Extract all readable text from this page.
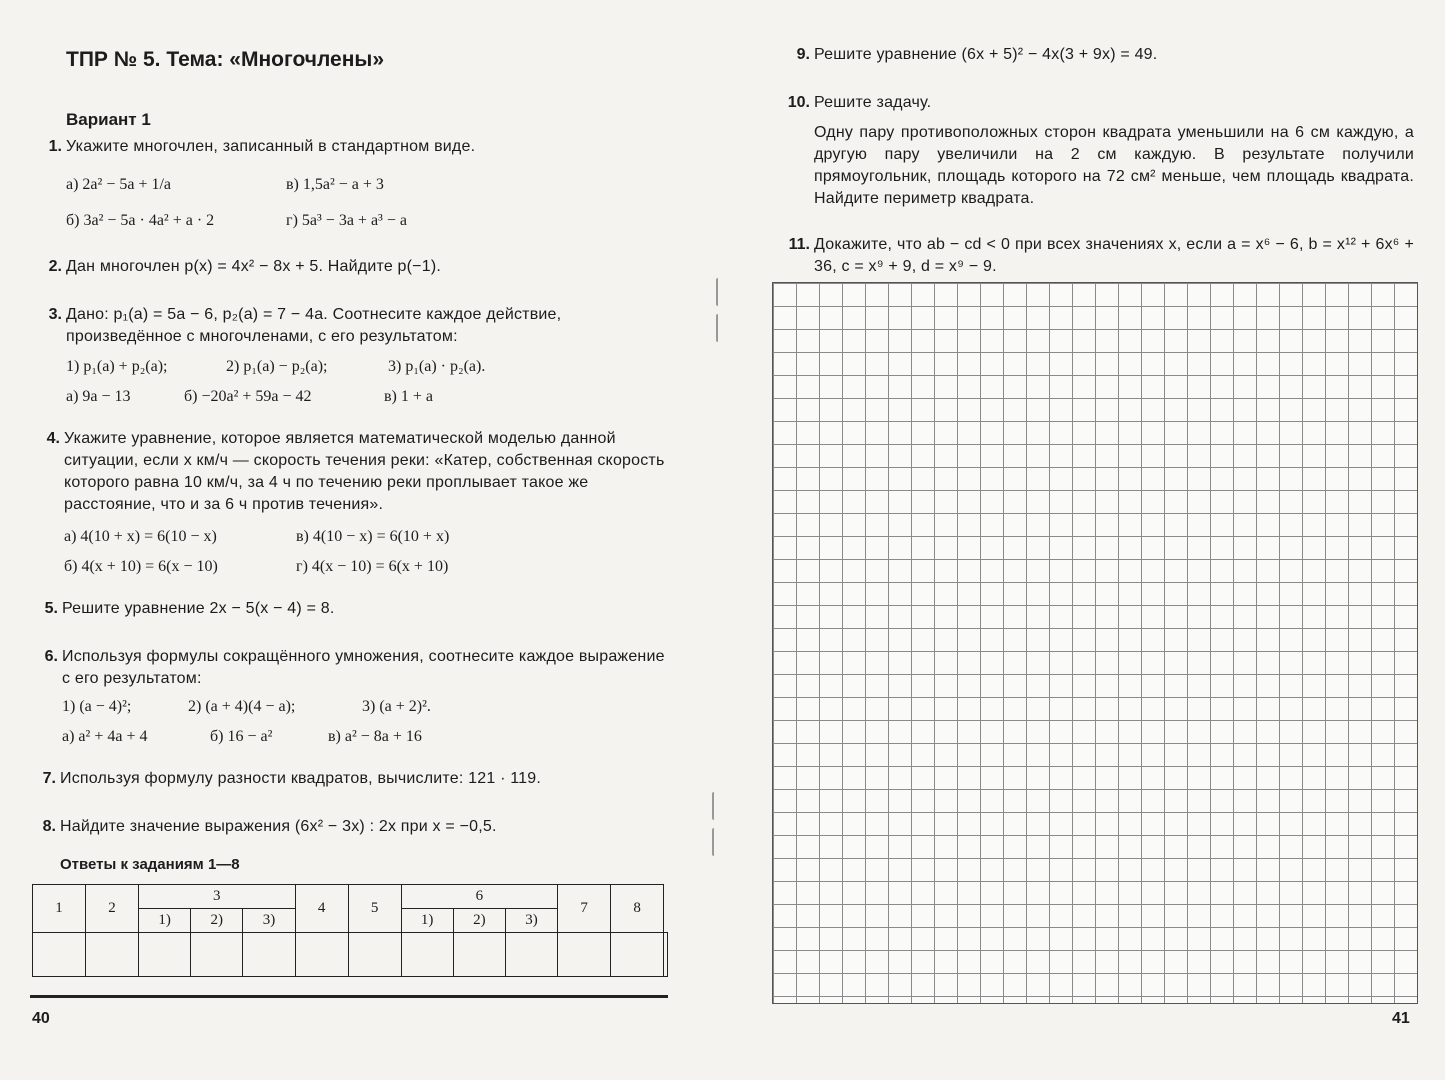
ТПР № 5. Тема: «Многочлены»
Вариант 1
1. Укажите многочлен, записанный в стандартном виде.
а) 2a² − 5a + 1/a	в) 1,5a² − a + 3
б) 3a² − 5a · 4a² + a · 2	г) 5a³ − 3a + a³ − a
2. Дан многочлен p(x) = 4x² − 8x + 5. Найдите p(−1).
3. Дано: p₁(a) = 5a − 6, p₂(a) = 7 − 4a. Соотнесите каждое действие, произведённое с многочленами, с его результатом:
1) p₁(a) + p₂(a);	2) p₁(a) − p₂(a);	3) p₁(a) · p₂(a).
а) 9a − 13	б) −20a² + 59a − 42	в) 1 + a
4. Укажите уравнение, которое является математической моделью данной ситуации, если x км/ч — скорость течения реки: «Катер, собственная скорость которого равна 10 км/ч, за 4 ч по течению реки проплывает такое же расстояние, что и за 6 ч против течения».
а) 4(10 + x) = 6(10 − x)	в) 4(10 − x) = 6(10 + x)
б) 4(x + 10) = 6(x − 10)	г) 4(x − 10) = 6(x + 10)
5. Решите уравнение 2x − 5(x − 4) = 8.
6. Используя формулы сокращённого умножения, соотнесите каждое выражение с его результатом:
1) (a − 4)²;	2) (a + 4)(4 − a);	3) (a + 2)².
а) a² + 4a + 4	б) 16 − a²	в) a² − 8a + 16
7. Используя формулу разности квадратов, вычислите: 121 · 119.
8. Найдите значение выражения (6x² − 3x) : 2x при x = −0,5.
Ответы к заданиям 1—8
1	2	3			4	5	6			7	8	
		1)	2)	3)			1)	2)	3)			

40
9. Решите уравнение (6x + 5)² − 4x(3 + 9x) = 49.
10. Решите задачу.
Одну пару противоположных сторон квадрата уменьшили на 6 см каждую, а другую пару увеличили на 2 см каждую. В результате получили прямоугольник, площадь которого на 72 см² меньше, чем площадь квадрата. Найдите периметр квадрата.
11. Докажите, что ab − cd < 0 при всех значениях x, если a = x⁶ − 6, b = x¹² + 6x⁶ + 36, c = x⁹ + 9, d = x⁹ − 9.
41
